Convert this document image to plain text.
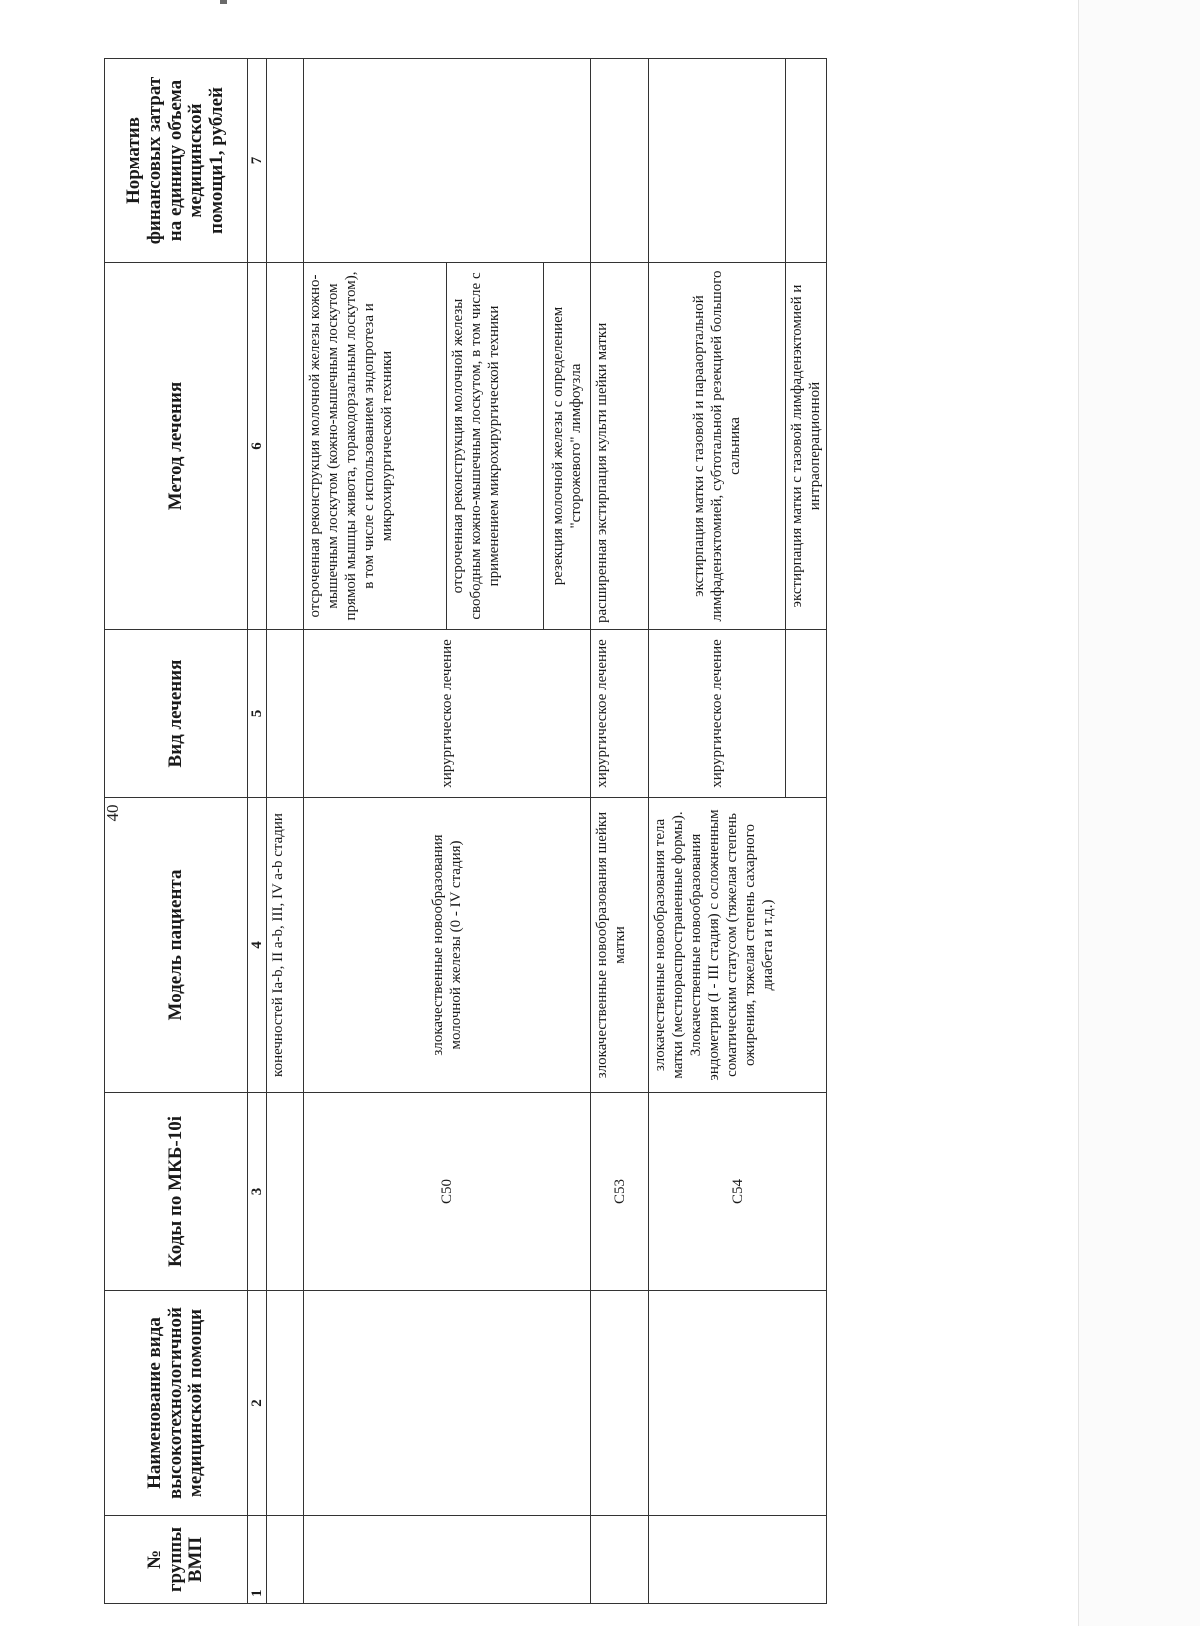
40
№ группы ВМП	Наименование вида высокотехнологичной медицинской помощи	Коды по МКБ-10i	Модель пациента	Вид лечения	Метод лечения	Норматив финансовых затрат на единицу объема медицинской помощи1, рублей
1	2	3	4	5	6	7
			конечностей Ia-b, II a-b, III, IV a-b стадии			
		C50	злокачественные новообразования молочной железы (0 - IV стадия)	хирургическое лечение	отсроченная реконструкция молочной железы кожно-мышечным лоскутом (кожно-мышечным лоскутом прямой мышцы живота, торакодорзальным лоскутом), в том числе с использованием эндопротеза и микрохирургической техники	
					отсроченная реконструкция молочной железы свободным кожно-мышечным лоскутом, в том числе с применением микрохирургической техники	
					резекция молочной железы с определением "сторожевого" лимфоузла	
		C53	злокачественные новообразования шейки матки	хирургическое лечение	расширенная экстирпация культи шейки матки	
		C54	злокачественные новообразования тела матки (местнораспространенные формы). Злокачественные новообразования эндометрия (I - III стадия) с осложненным соматическим статусом (тяжелая степень ожирения, тяжелая степень сахарного диабета и т.д.)	хирургическое лечение	экстирпация матки с тазовой и парааортальной лимфаденэктомией, субтотальной резекцией большого сальника	
					экстирпация матки с тазовой лимфаденэктомией и интраоперационной	
